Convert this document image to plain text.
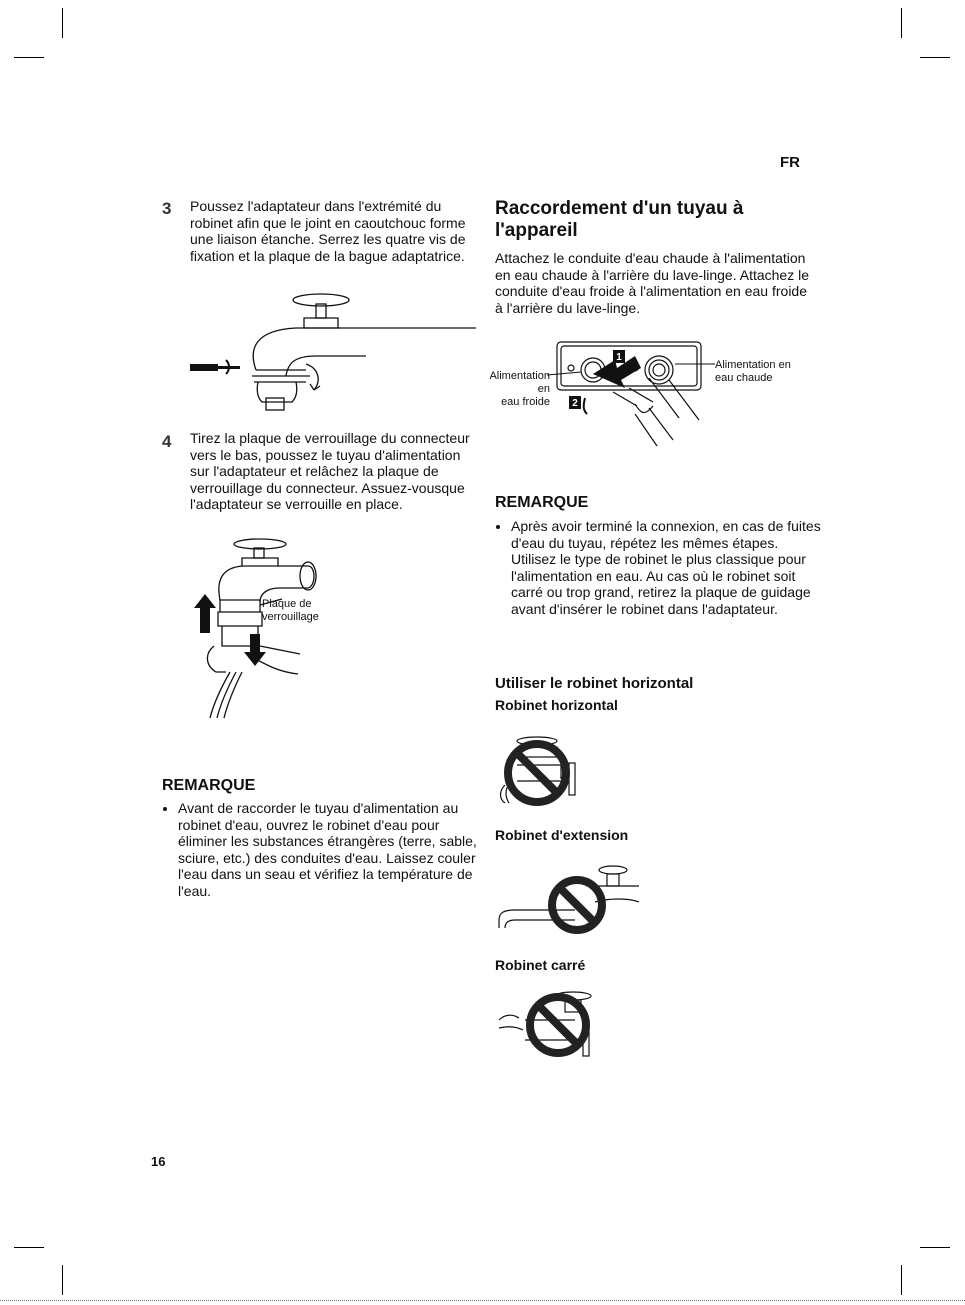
FR
3 Poussez l'adaptateur dans l'extrémité du robinet afin que le joint en caoutchouc forme une liaison étanche. Serrez les quatre vis de fixation et la plaque de la bague adaptatrice.
4 Tirez la plaque de verrouillage du connecteur vers le bas, poussez le tuyau d'alimentation sur l'adaptateur et relâchez la plaque de verrouillage du connecteur. Assuez-vousque l'adaptateur se verrouille en place.
Plaque de
verrouillage
REMARQUE
• Avant de raccorder le tuyau d'alimentation au robinet d'eau, ouvrez le robinet d'eau pour éliminer les substances étrangères (terre, sable, sciure, etc.) des conduites d'eau. Laissez couler l'eau dans un seau et vérifiez la température de l'eau.
Raccordement d'un tuyau à
l'appareil
Attachez le conduite d'eau chaude à l'alimentation en eau chaude à l'arrière du lave-linge. Attachez le conduite d'eau froide à l'alimentation en eau froide à l'arrière du lave-linge.
1
2
Alimentation en
eau froide
Alimentation en
eau chaude
REMARQUE
• Après avoir terminé la connexion, en cas de fuites d'eau du tuyau, répétez les mêmes étapes. Utilisez le type de robinet le plus classique pour l'alimentation en eau. Au cas où le robinet soit carré ou trop grand, retirez la plaque de guidage avant d'insérer le robinet dans l'adaptateur.
Utiliser le robinet horizontal
Robinet horizontal
Robinet d'extension
Robinet carré
16
